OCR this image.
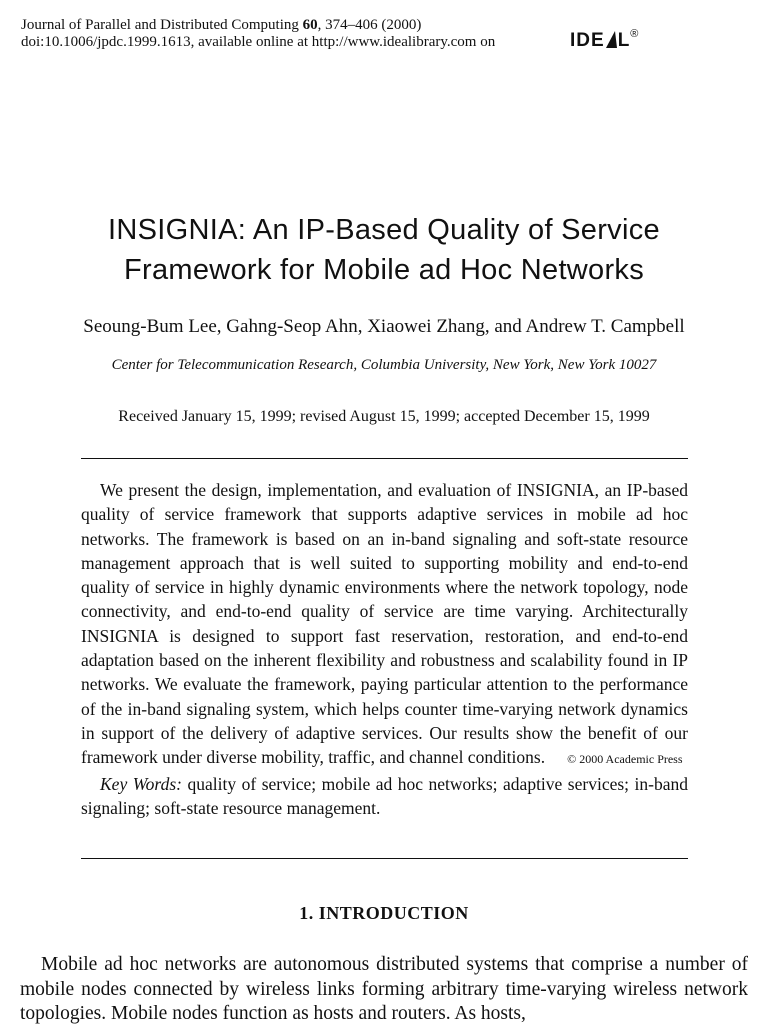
Journal of Parallel and Distributed Computing 60, 374–406 (2000)
doi:10.1006/jpdc.1999.1613, available online at http://www.idealibrary.com on	IDE L®
INSIGNIA: An IP-Based Quality of Service
Framework for Mobile ad Hoc Networks
Seoung-Bum Lee, Gahng-Seop Ahn, Xiaowei Zhang, and Andrew T. Campbell
Center for Telecommunication Research, Columbia University, New York, New York 10027
Received January 15, 1999; revised August 15, 1999; accepted December 15, 1999

We present the design, implementation, and evaluation of INSIGNIA, an IP-based quality of service framework that supports adaptive services in mobile ad hoc networks. The framework is based on an in-band signaling and soft-state resource management approach that is well suited to supporting mobility and end-to-end quality of service in highly dynamic environments where the network topology, node connectivity, and end-to-end quality of service are time varying. Architecturally INSIGNIA is designed to support fast reservation, restoration, and end-to-end adaptation based on the inherent flexibility and robustness and scalability found in IP networks. We evaluate the framework, paying particular attention to the performance of the in-band signaling system, which helps counter time-varying network dynamics in support of the delivery of adaptive services. Our results show the benefit of our framework under diverse mobility, traffic, and channel conditions. © 2000 Academic Press

Key Words: quality of service; mobile ad hoc networks; adaptive services; in-band signaling; soft-state resource management.

1. INTRODUCTION

Mobile ad hoc networks are autonomous distributed systems that comprise a number of mobile nodes connected by wireless links forming arbitrary time-varying wireless network topologies. Mobile nodes function as hosts and routers. As hosts,
